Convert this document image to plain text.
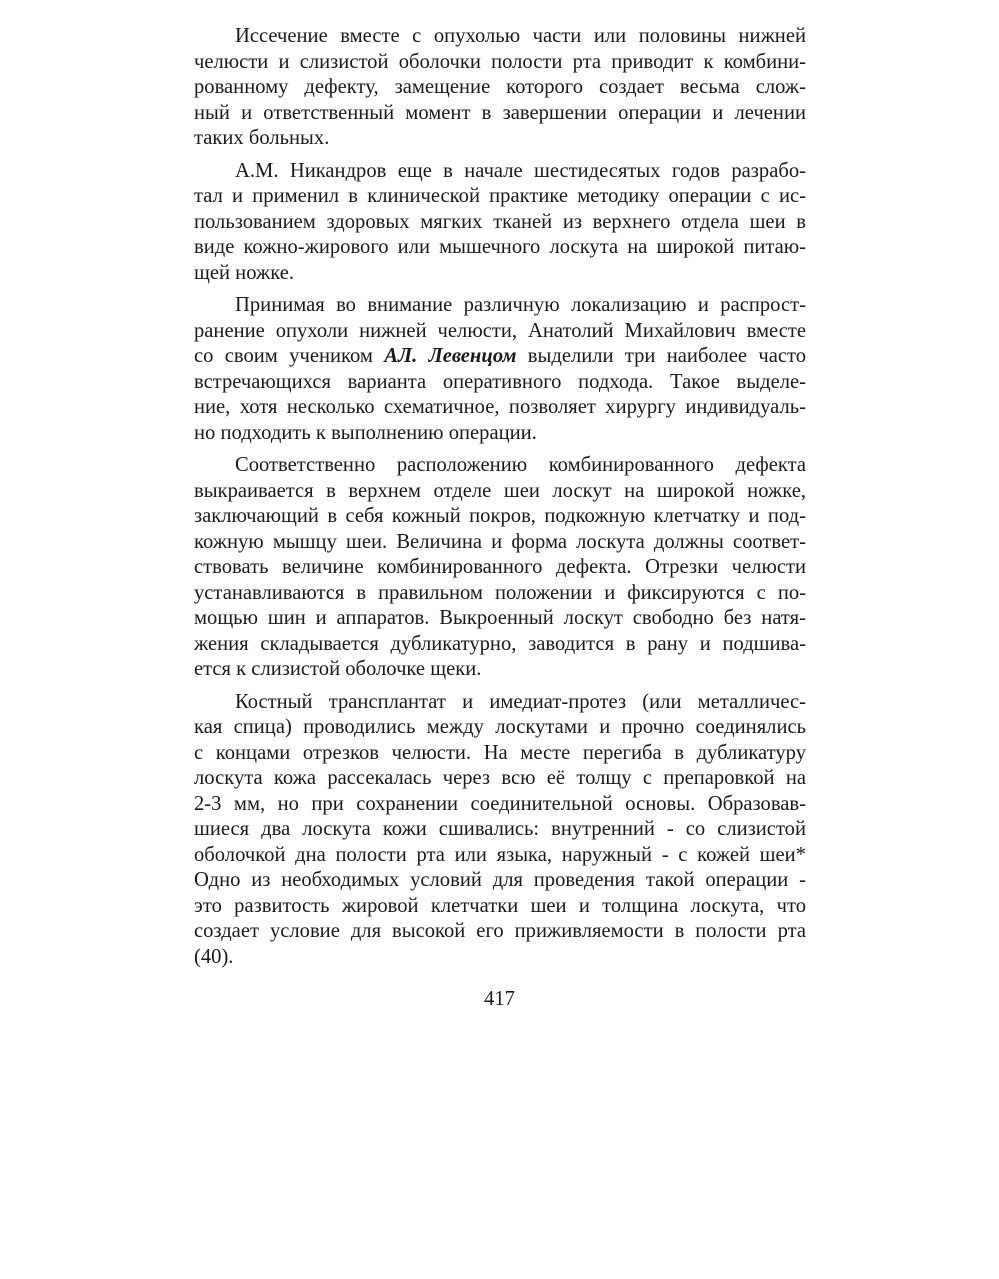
Иссечение вместе с опухолью части или половины нижней
челюсти и слизистой оболочки полости рта приводит к комбини-
рованному дефекту, замещение которого создает весьма слож-
ный и ответственный момент в завершении операции и лечении
таких больных.

А.М. Никандров еще в начале шестидесятых годов разрабо-
тал и применил в клинической практике методику операции с ис-
пользованием здоровых мягких тканей из верхнего отдела шеи в
виде кожно-жирового или мышечного лоскута на широкой питаю-
щей ножке.

Принимая во внимание различную локализацию и распрост-
ранение опухоли нижней челюсти, Анатолий Михайлович вместе
со своим учеником АЛ. Левенцом выделили три наиболее часто
встречающихся варианта оперативного подхода. Такое выделе-
ние, хотя несколько схематичное, позволяет хирургу индивидуаль-
но подходить к выполнению операции.

Соответственно расположению комбинированного дефекта
выкраивается в верхнем отделе шеи лоскут на широкой ножке,
заключающий в себя кожный покров, подкожную клетчатку и под-
кожную мышцу шеи. Величина и форма лоскута должны соответ-
ствовать величине комбинированного дефекта. Отрезки челюсти
устанавливаются в правильном положении и фиксируются с по-
мощью шин и аппаратов. Выкроенный лоскут свободно без натя-
жения складывается дубликатурно, заводится в рану и подшива-
ется к слизистой оболочке щеки.

Костный трансплантат и имедиат-протез (или металличес-
кая спица) проводились между лоскутами и прочно соединялись
с концами отрезков челюсти. На месте перегиба в дубликатуру
лоскута кожа рассекалась через всю её толщу с препаровкой на
2-3 мм, но при сохранении соединительной основы. Образовав-
шиеся два лоскута кожи сшивались: внутренний - со слизистой
оболочкой дна полости рта или языка, наружный - с кожей шеи*
Одно из необходимых условий для проведения такой операции -
это развитость жировой клетчатки шеи и толщина лоскута, что
создает условие для высокой его приживляемости в полости рта
(40).

417
